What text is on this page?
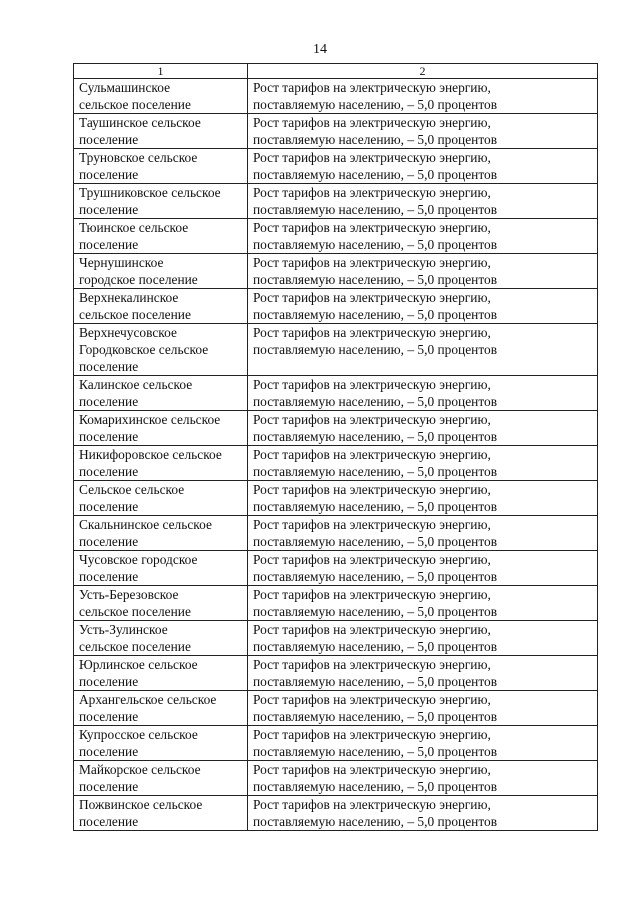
14
1	2
Сульмашинское
сельское поселение	Рост тарифов на электрическую энергию,
поставляемую населению, – 5,0 процентов
Таушинское сельское
поселение	Рост тарифов на электрическую энергию,
поставляемую населению, – 5,0 процентов
Труновское сельское
поселение	Рост тарифов на электрическую энергию,
поставляемую населению, – 5,0 процентов
Трушниковское сельское
поселение	Рост тарифов на электрическую энергию,
поставляемую населению, – 5,0 процентов
Тюинское сельское
поселение	Рост тарифов на электрическую энергию,
поставляемую населению, – 5,0 процентов
Чернушинское
городское поселение	Рост тарифов на электрическую энергию,
поставляемую населению, – 5,0 процентов
Верхнекалинское
сельское поселение	Рост тарифов на электрическую энергию,
поставляемую населению, – 5,0 процентов
Верхнечусовское
Городковское сельское
поселение	Рост тарифов на электрическую энергию,
поставляемую населению, – 5,0 процентов
Калинское сельское
поселение	Рост тарифов на электрическую энергию,
поставляемую населению, – 5,0 процентов
Комарихинское сельское
поселение	Рост тарифов на электрическую энергию,
поставляемую населению, – 5,0 процентов
Никифоровское сельское
поселение	Рост тарифов на электрическую энергию,
поставляемую населению, – 5,0 процентов
Сельское сельское
поселение	Рост тарифов на электрическую энергию,
поставляемую населению, – 5,0 процентов
Скальнинское сельское
поселение	Рост тарифов на электрическую энергию,
поставляемую населению, – 5,0 процентов
Чусовское городское
поселение	Рост тарифов на электрическую энергию,
поставляемую населению, – 5,0 процентов
Усть-Березовское
сельское поселение	Рост тарифов на электрическую энергию,
поставляемую населению, – 5,0 процентов
Усть-Зулинское
сельское поселение	Рост тарифов на электрическую энергию,
поставляемую населению, – 5,0 процентов
Юрлинское сельское
поселение	Рост тарифов на электрическую энергию,
поставляемую населению, – 5,0 процентов
Архангельское сельское
поселение	Рост тарифов на электрическую энергию,
поставляемую населению, – 5,0 процентов
Купросское сельское
поселение	Рост тарифов на электрическую энергию,
поставляемую населению, – 5,0 процентов
Майкорское сельское
поселение	Рост тарифов на электрическую энергию,
поставляемую населению, – 5,0 процентов
Пожвинское сельское
поселение	Рост тарифов на электрическую энергию,
поставляемую населению, – 5,0 процентов
